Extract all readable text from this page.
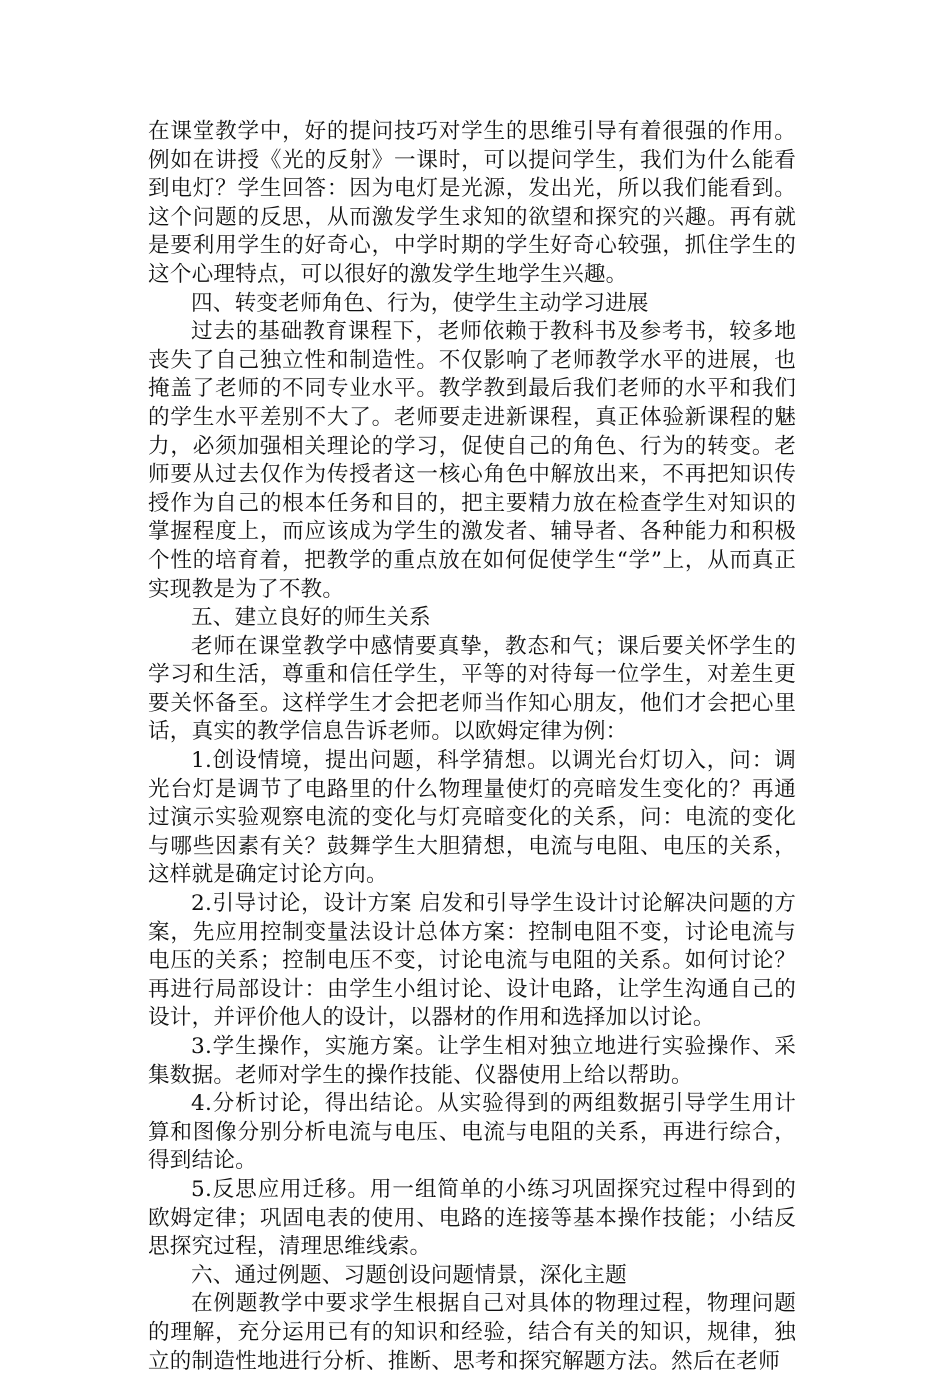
在课堂教学中，好的提问技巧对学生的思维引导有着很强的作用。例如在讲授《光的反射》一课时，可以提问学生，我们为什么能看到电灯？学生回答：因为电灯是光源，发出光，所以我们能看到。这个问题的反思，从而激发学生求知的欲望和探究的兴趣。再有就是要利用学生的好奇心，中学时期的学生好奇心较强，抓住学生的这个心理特点，可以很好的激发学生地学生兴趣。

四、转变老师角色、行为，使学生主动学习进展

过去的基础教育课程下，老师依赖于教科书及参考书，较多地丧失了自己独立性和制造性。不仅影响了老师教学水平的进展，也掩盖了老师的不同专业水平。教学教到最后我们老师的水平和我们的学生水平差别不大了。老师要走进新课程，真正体验新课程的魅力，必须加强相关理论的学习，促使自己的角色、行为的转变。老师要从过去仅作为传授者这一核心角色中解放出来，不再把知识传授作为自己的根本任务和目的，把主要精力放在检查学生对知识的掌握程度上，而应该成为学生的激发者、辅导者、各种能力和积极个性的培育着，把教学的重点放在如何促使学生“学”上，从而真正实现教是为了不教。

五、建立良好的师生关系

老师在课堂教学中感情要真挚，教态和气；课后要关怀学生的学习和生活，尊重和信任学生，平等的对待每一位学生，对差生更要关怀备至。这样学生才会把老师当作知心朋友，他们才会把心里话，真实的教学信息告诉老师。以欧姆定律为例：

1.创设情境，提出问题，科学猜想。以调光台灯切入，问：调光台灯是调节了电路里的什么物理量使灯的亮暗发生变化的？再通过演示实验观察电流的变化与灯亮暗变化的关系，问：电流的变化与哪些因素有关？鼓舞学生大胆猜想，电流与电阻、电压的关系，这样就是确定讨论方向。

2.引导讨论，设计方案 启发和引导学生设计讨论解决问题的方案，先应用控制变量法设计总体方案：控制电阻不变，讨论电流与电压的关系；控制电压不变，讨论电流与电阻的关系。如何讨论？再进行局部设计：由学生小组讨论、设计电路，让学生沟通自己的设计，并评价他人的设计，以器材的作用和选择加以讨论。

3.学生操作，实施方案。让学生相对独立地进行实验操作、采集数据。老师对学生的操作技能、仪器使用上给以帮助。

4.分析讨论，得出结论。从实验得到的两组数据引导学生用计算和图像分别分析电流与电压、电流与电阻的关系，再进行综合，得到结论。

5.反思应用迁移。用一组简单的小练习巩固探究过程中得到的欧姆定律；巩固电表的使用、电路的连接等基本操作技能；小结反思探究过程，清理思维线索。

六、通过例题、习题创设问题情景，深化主题

在例题教学中要求学生根据自己对具体的物理过程，物理问题的理解，充分运用已有的知识和经验，结合有关的知识，规律，独立的制造性地进行分析、推断、思考和探究解题方法。然后在老师
